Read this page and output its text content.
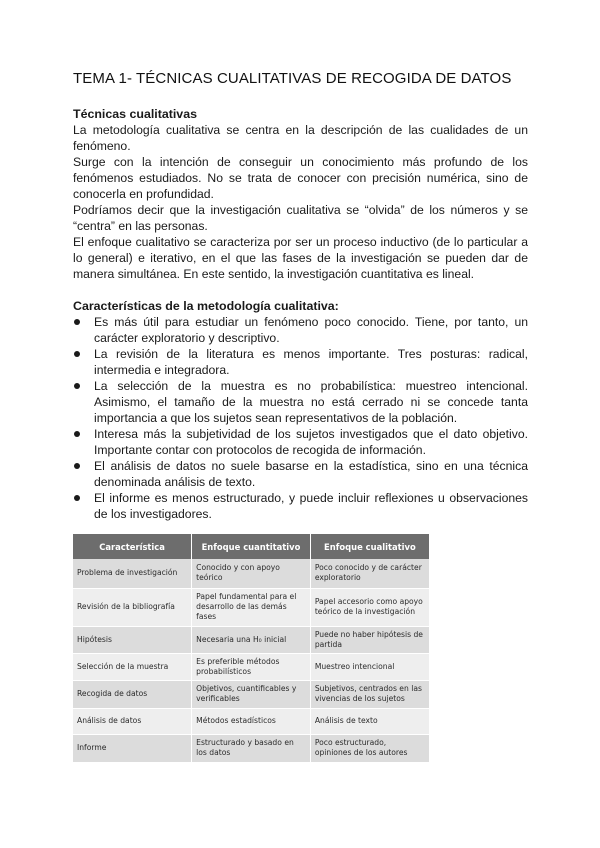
TEMA 1- TÉCNICAS CUALITATIVAS DE RECOGIDA DE DATOS
Técnicas cualitativas

La metodología cualitativa se centra en la descripción de las cualidades de un fenómeno.

Surge con la intención de conseguir un conocimiento más profundo de los fenómenos estudiados. No se trata de conocer con precisión numérica, sino de conocerla en profundidad.

Podríamos decir que la investigación cualitativa se “olvida” de los números y se “centra” en las personas.

El enfoque cualitativo se caracteriza por ser un proceso inductivo (de lo particular a lo general) e iterativo, en el que las fases de la investigación se pueden dar de manera simultánea. En este sentido, la investigación cuantitativa es lineal.

Características de la metodología cualitativa:
Es más útil para estudiar un fenómeno poco conocido. Tiene, por tanto, un carácter exploratorio y descriptivo.
La revisión de la literatura es menos importante. Tres posturas: radical, intermedia e integradora.
La selección de la muestra es no probabilística: muestreo intencional. Asimismo, el tamaño de la muestra no está cerrado ni se concede tanta importancia a que los sujetos sean representativos de la población.
Interesa más la subjetividad de los sujetos investigados que el dato objetivo. Importante contar con protocolos de recogida de información.
El análisis de datos no suele basarse en la estadística, sino en una técnica denominada análisis de texto.
El informe es menos estructurado, y puede incluir reflexiones u observaciones de los investigadores.
Característica	Enfoque cuantitativo	Enfoque cualitativo
Problema de investigación	Conocido y con apoyo teórico	Poco conocido y de carácter exploratorio
Revisión de la bibliografía	Papel fundamental para el desarrollo de las demás fases	Papel accesorio como apoyo teórico de la investigación
Hipótesis	Necesaria una H₀ inicial	Puede no haber hipótesis de partida
Selección de la muestra	Es preferible métodos probabilísticos	Muestreo intencional
Recogida de datos	Objetivos, cuantificables y verificables	Subjetivos, centrados en las vivencias de los sujetos
Análisis de datos	Métodos estadísticos	Análisis de texto
Informe	Estructurado y basado en los datos	Poco estructurado, opiniones de los autores
